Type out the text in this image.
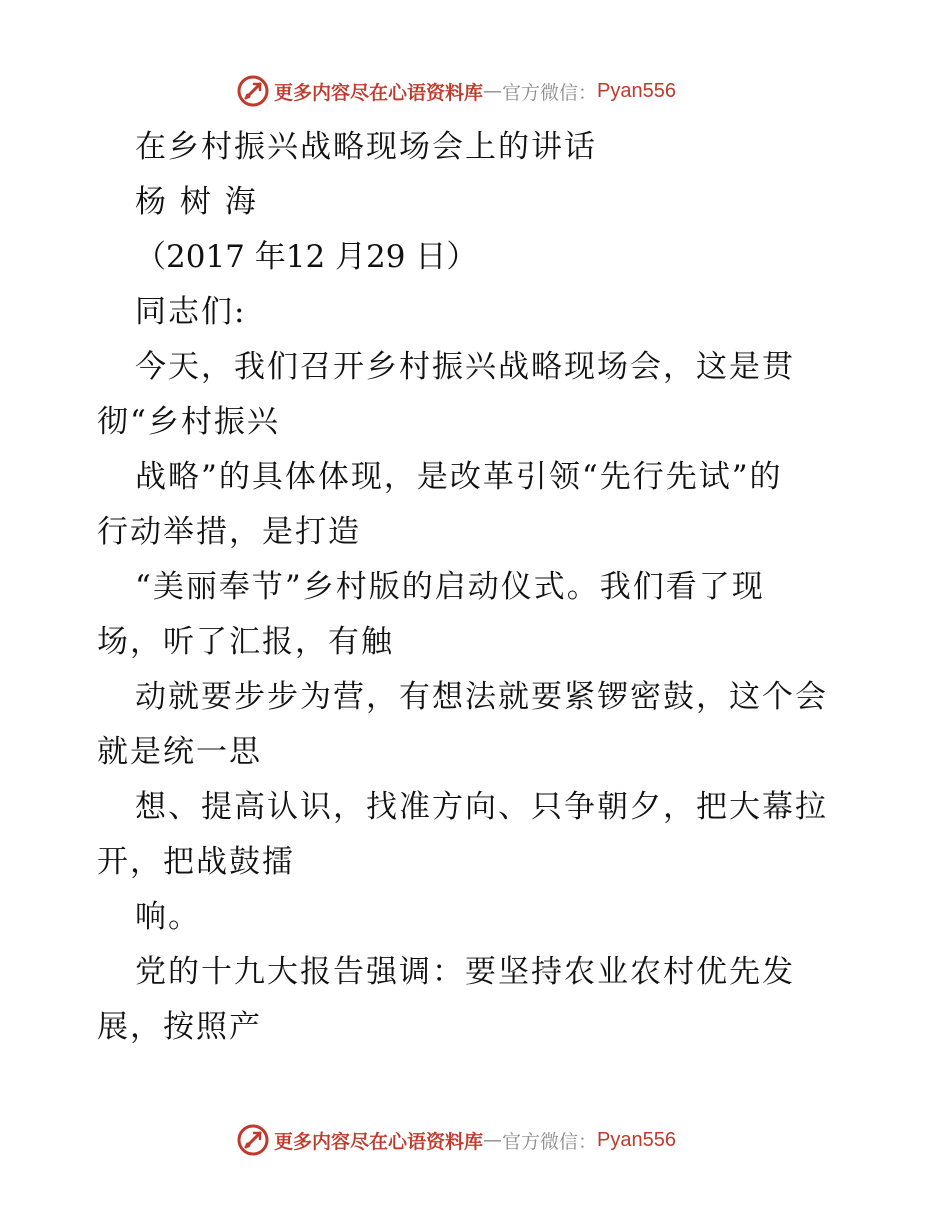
更多内容尽在心语资料库 — 官方微信： Pyan556
在乡村振兴战略现场会上的讲话
杨 树 海
（2017 年12 月29 日）
同志们:
今天，我们召开乡村振兴战略现场会，这是贯
彻“乡村振兴
战略”的具体体现，是改革引领“先行先试”的
行动举措，是打造
“美丽奉节”乡村版的启动仪式。我们看了现
场，听了汇报，有触
动就要步步为营，有想法就要紧锣密鼓，这个会
就是统一思
想、提高认识，找准方向、只争朝夕，把大幕拉
开，把战鼓擂
响。
党的十九大报告强调：要坚持农业农村优先发
展，按照产
更多内容尽在心语资料库 — 官方微信： Pyan556
